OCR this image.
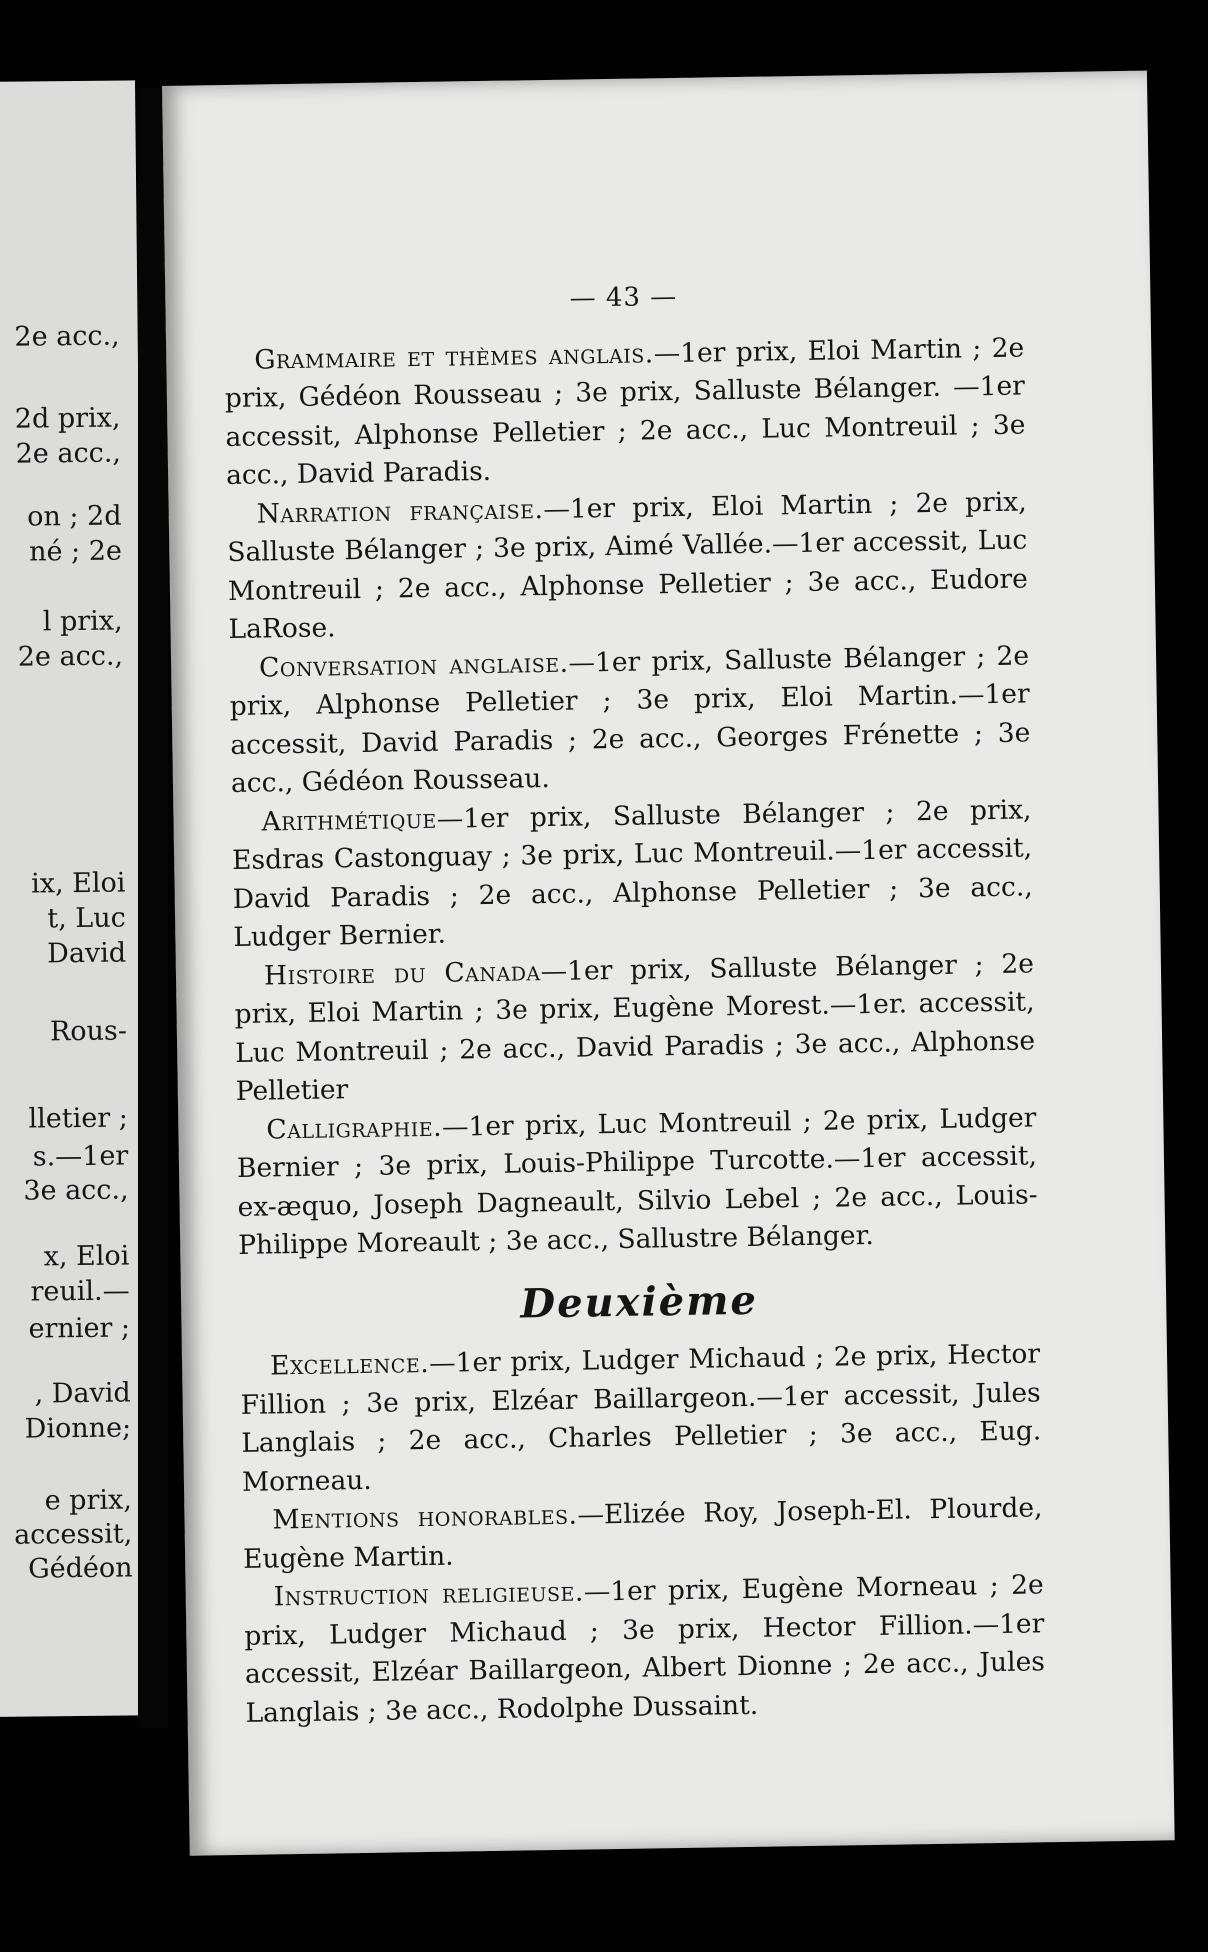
2e acc.,
2d prix,
2e acc.,
on ; 2d
né ; 2e
l prix,
2e acc.,
ix, Eloi
t, Luc
David
Rous-
lletier ;
s.—1er
3e acc.,
x, Eloi
reuil.—
ernier ;
, David
Dionne;
e prix,
accessit,
Gédéon
— 43 —

Grammaire et thèmes anglais.—1er prix, Eloi Martin ; 2e prix, Gédéon Rousseau ; 3e prix, Salluste Bélanger. —1er accessit, Alphonse Pelletier ; 2e acc., Luc Montreuil ; 3e acc., David Paradis.

Narration française.—1er prix, Eloi Martin ; 2e prix, Salluste Bélanger ; 3e prix, Aimé Vallée.—1er accessit, Luc Montreuil ; 2e acc., Alphonse Pelletier ; 3e acc., Eudore LaRose.

Conversation anglaise.—1er prix, Salluste Bélanger ; 2e prix, Alphonse Pelletier ; 3e prix, Eloi Martin.—1er accessit, David Paradis ; 2e acc., Georges Frénette ; 3e acc., Gédéon Rousseau.

Arithmétique—1er prix, Salluste Bélanger ; 2e prix, Esdras Castonguay ; 3e prix, Luc Montreuil.—1er accessit, David Paradis ; 2e acc., Alphonse Pelletier ; 3e acc., Ludger Bernier.

Histoire du Canada—1er prix, Salluste Bélanger ; 2e prix, Eloi Martin ; 3e prix, Eugène Morest.—1er. accessit, Luc Montreuil ; 2e acc., David Paradis ; 3e acc., Alphonse Pelletier

Calligraphie.—1er prix, Luc Montreuil ; 2e prix, Ludger Bernier ; 3e prix, Louis-Philippe Turcotte.—1er accessit, ex-æquo, Joseph Dagneault, Silvio Lebel ; 2e acc., Louis-Philippe Moreault ; 3e acc., Sallustre Bélanger.

Deuxième

Excellence.—1er prix, Ludger Michaud ; 2e prix, Hector Fillion ; 3e prix, Elzéar Baillargeon.—1er accessit, Jules Langlais ; 2e acc., Charles Pelletier ; 3e acc., Eug. Morneau.

Mentions honorables.—Elizée Roy, Joseph-El. Plourde, Eugène Martin.

Instruction religieuse.—1er prix, Eugène Morneau ; 2e prix, Ludger Michaud ; 3e prix, Hector Fillion.—1er accessit, Elzéar Baillargeon, Albert Dionne ; 2e acc., Jules Langlais ; 3e acc., Rodolphe Dussaint.
